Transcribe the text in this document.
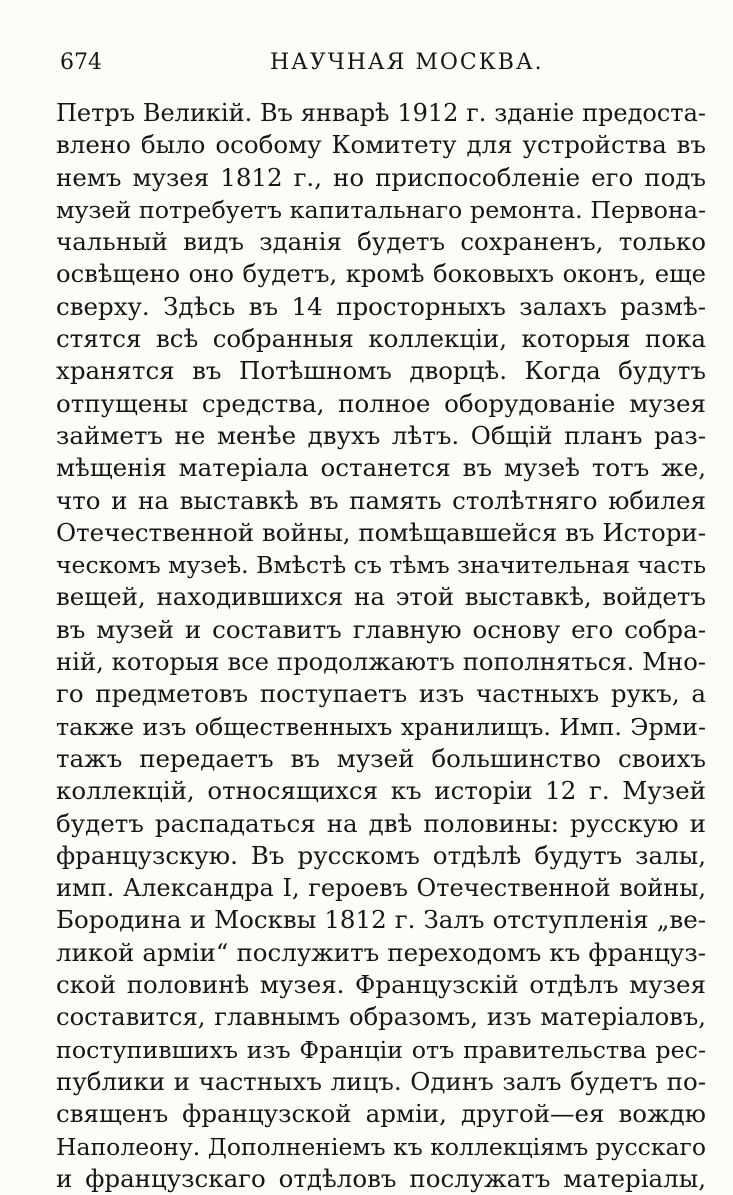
674	НАУЧНАЯ МОСКВА.
Петръ Великій. Въ январѣ 1912 г. зданіе предоста-
влено было особому Комитету для устройства въ
немъ музея 1812 г., но приспособленіе его подъ
музей потребуетъ капитальнаго ремонта. Первона-
чальный видъ зданія будетъ сохраненъ, только
освѣщено оно будетъ, кромѣ боковыхъ оконъ, еще
сверху. Здѣсь въ 14 просторныхъ залахъ размѣ-
стятся всѣ собранныя коллекціи, которыя пока
хранятся въ Потѣшномъ дворцѣ. Когда будутъ
отпущены средства, полное оборудованіе музея
займетъ не менѣе двухъ лѣтъ. Общій планъ раз-
мѣщенія матеріала останется въ музеѣ тотъ же,
что и на выставкѣ въ память столѣтняго юбилея
Отечественной войны, помѣщавшейся въ Истори-
ческомъ музеѣ. Вмѣстѣ съ тѣмъ значительная часть
вещей, находившихся на этой выставкѣ, войдетъ
въ музей и составитъ главную основу его собра-
ній, которыя все продолжаютъ пополняться. Мно-
го предметовъ поступаетъ изъ частныхъ рукъ, а
также изъ общественныхъ хранилищъ. Имп. Эрми-
тажъ передаетъ въ музей большинство своихъ
коллекцій, относящихся къ исторіи 12 г. Музей
будетъ распадаться на двѣ половины: русскую и
французскую. Въ русскомъ отдѣлѣ будутъ залы,
имп. Александра I, героевъ Отечественной войны,
Бородина и Москвы 1812 г. Залъ отступленія „ве-
ликой арміи“ послужитъ переходомъ къ француз-
ской половинѣ музея. Французскій отдѣлъ музея
составится, главнымъ образомъ, изъ матеріаловъ,
поступившихъ изъ Франціи отъ правительства рес-
публики и частныхъ лицъ. Одинъ залъ будетъ по-
священъ французской арміи, другой—ея вождю
Наполеону. Дополненіемъ къ коллекціямъ русскаго
и французскаго отдѣловъ послужатъ матеріалы,
